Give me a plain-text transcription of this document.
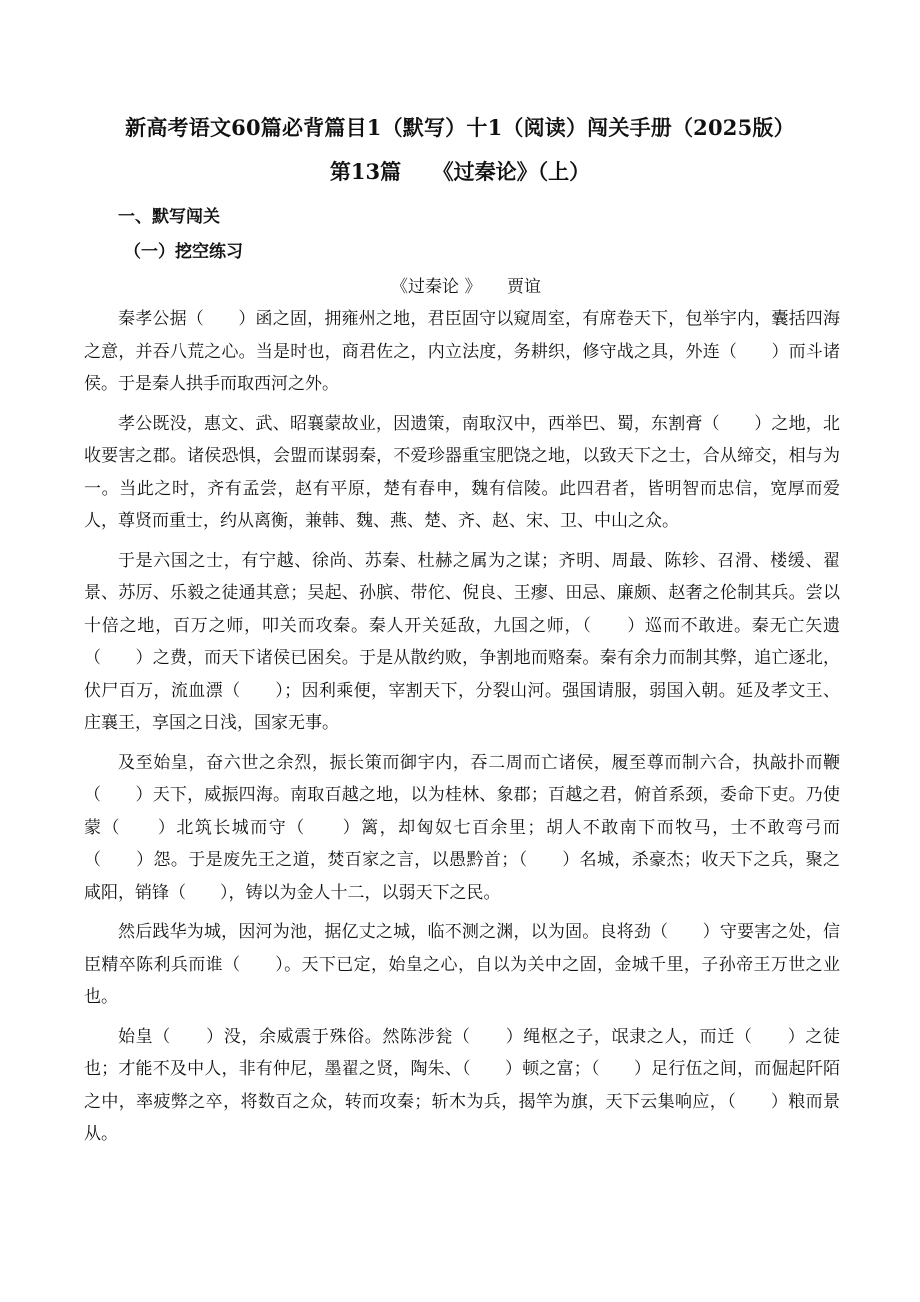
新高考语文60篇必背篇目1（默写）十1（阅读）闯关手册（2025版）
第13篇　　《过秦论》（上）
一、默写闯关
（一）挖空练习
《过秦论 》　　贾谊

秦孝公据（　　）函之固，拥雍州之地，君臣固守以窥周室，有席卷天下，包举宇内，囊括四海之意，并吞八荒之心。当是时也，商君佐之，内立法度，务耕织，修守战之具，外连（　　）而斗诸侯。于是秦人拱手而取西河之外。

孝公既没，惠文、武、昭襄蒙故业，因遗策，南取汉中，西举巴、蜀，东割膏（　　）之地，北收要害之郡。诸侯恐惧，会盟而谋弱秦，不爱珍器重宝肥饶之地，以致天下之士，合从缔交，相与为一。当此之时，齐有孟尝，赵有平原，楚有春申，魏有信陵。此四君者，皆明智而忠信，宽厚而爱人，尊贤而重士，约从离衡，兼韩、魏、燕、楚、齐、赵、宋、卫、中山之众。

于是六国之士，有宁越、徐尚、苏秦、杜赫之属为之谋；齐明、周最、陈轸、召滑、楼缓、翟景、苏厉、乐毅之徒通其意；吴起、孙膑、带佗、倪良、王瘳、田忌、廉颇、赵奢之伦制其兵。尝以十倍之地，百万之师，叩关而攻秦。秦人开关延敌，九国之师，（　　）巡而不敢进。秦无亡矢遗（　　）之费，而天下诸侯已困矣。于是从散约败，争割地而赂秦。秦有余力而制其弊，追亡逐北，伏尸百万，流血漂（　　）；因利乘便，宰割天下，分裂山河。强国请服，弱国入朝。延及孝文王、庄襄王，享国之日浅，国家无事。

及至始皇，奋六世之余烈，振长策而御宇内，吞二周而亡诸侯，履至尊而制六合，执敲扑而鞭（　　）天下，威振四海。南取百越之地，以为桂林、象郡；百越之君，俯首系颈，委命下吏。乃使蒙（　　）北筑长城而守（　　）篱，却匈奴七百余里；胡人不敢南下而牧马，士不敢弯弓而（　　）怨。于是废先王之道，焚百家之言，以愚黔首；（　　）名城，杀豪杰；收天下之兵，聚之咸阳，销锋（　　），铸以为金人十二，以弱天下之民。

然后践华为城，因河为池，据亿丈之城，临不测之渊，以为固。良将劲（　　）守要害之处，信臣精卒陈利兵而谁（　　）。天下已定，始皇之心，自以为关中之固，金城千里，子孙帝王万世之业也。

始皇（　　）没，余威震于殊俗。然陈涉瓮（　　）绳枢之子，氓隶之人，而迁（　　）之徒也；才能不及中人，非有仲尼，墨翟之贤，陶朱、（　　）顿之富；（　　）足行伍之间，而倔起阡陌之中，率疲弊之卒，将数百之众，转而攻秦；斩木为兵，揭竿为旗，天下云集响应，（　　）粮而景从。
